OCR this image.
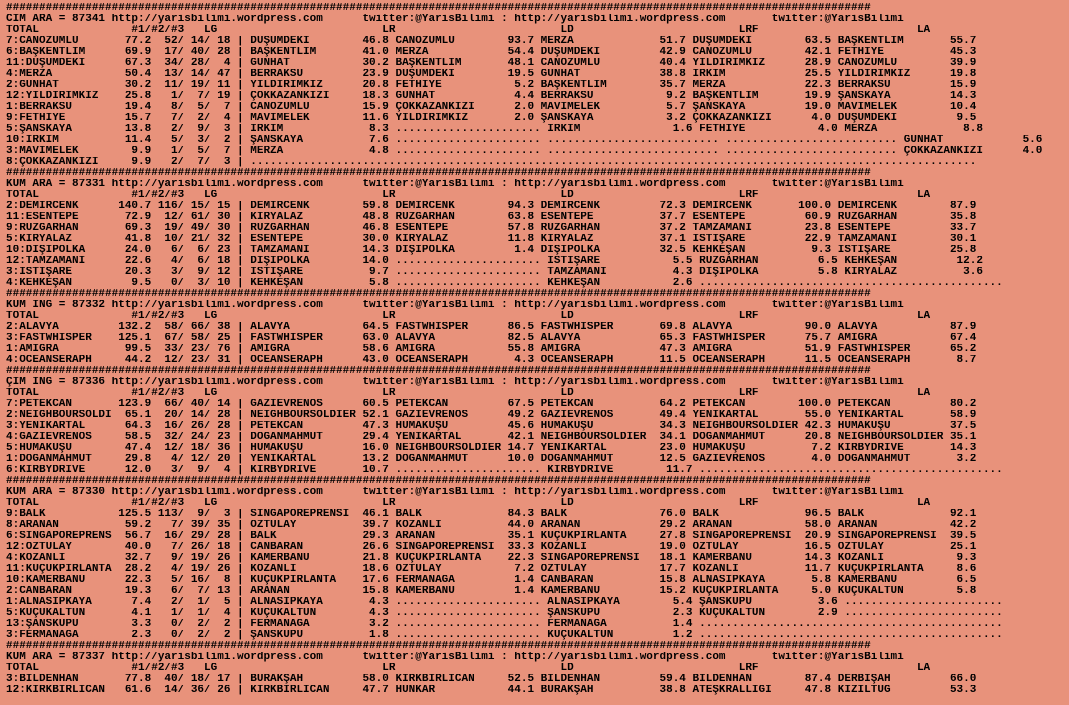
###################################################################################################################################
CIM ARA = 87341 http://yarisbilimi.wordpress.com      twitter:@YarisBilimi : http://yarisbilimi.wordpress.com       twitter:@YarisBilimi
TOTAL              #1/#2/#3   LG                         LR                         LD                         LRF                        LA
7:CANÖZÜMLÜ       77.2  52/ 14/ 18 | DÜŞÜMDEKİ        46.8 CANÖZÜMLÜ        93.7 MERZA             51.7 DÜŞÜMDEKİ        63.5 BAŞKENTLİM       55.7
6:BAŞKENTLİM      69.9  17/ 40/ 28 | BAŞKENTLİM       41.0 MERZA            54.4 DÜŞÜMDEKİ         42.9 CANÖZÜMLÜ        42.1 FETHİYE          45.3
11:DÜŞÜMDEKİ      67.3  34/ 28/  4 | GÜNHAT           30.2 BAŞKENTLİM       48.1 CANÖZÜMLÜ         40.4 YILDIRIMKIZ      28.9 CANÖZÜMLÜ        39.9
4:MERZA           50.4  13/ 14/ 47 | BERRAKSU         23.9 DÜŞÜMDEKİ        19.5 GÜNHAT            38.8 IRKIM            25.5 YILDIRIMKIZ      19.8
2:GÜNHAT          30.2  11/ 19/ 11 | YILDIRIMKIZ      20.8 FETHİYE           5.2 BAŞKENTLİM        35.7 MERZA            22.3 BERRAKSU         15.9
12:YILDIRIMKIZ    25.8   1/  7/ 19 | ÇOKKAZANKIZI     18.3 GÜNHAT            4.4 BERRAKSU           9.2 BAŞKENTLİM       19.9 ŞANSKAYA         14.3
1:BERRAKSU        19.4   8/  5/  7 | CANÖZÜMLÜ        15.9 ÇOKKAZANKIZI      2.0 MAVİMELEK          5.7 ŞANSKAYA         19.0 MAVİMELEK        10.4
9:FETHİYE         15.7   7/  2/  4 | MAVİMELEK        11.6 YILDIRIMKIZ       2.0 ŞANSKAYA           3.2 ÇOKKAZANKIZI      4.0 DÜŞÜMDEKİ         9.5
5:ŞANSKAYA        13.8   2/  9/  3 | IRKIM             8.3 ...................... IRKIM              1.6 FETHİYE           4.0 MERZA             8.8
10:IRKIM          11.4   5/  3/  2 | ŞANSKAYA          7.6 ...................... .......................... .......................... GÜNHAT            5.6
3:MAVİMELEK        9.9   1/  5/  7 | MERZA             4.8 ...................... .......................... .......................... ÇOKKAZANKIZI      4.0
8:ÇOKKAZANKIZI     9.9   2/  7/  3 | ..............................................................................................................
###################################################################################################################################
KUM ARA = 87331 http://yarisbilimi.wordpress.com      twitter:@YarisBilimi : http://yarisbilimi.wordpress.com       twitter:@YarisBilimi
TOTAL              #1/#2/#3   LG                         LR                         LD                         LRF                        LA
2:DEMİRCENK      140.7 116/ 15/ 15 | DEMİRCENK        59.8 DEMİRCENK        94.3 DEMİRCENK         72.3 DEMİRCENK       100.0 DEMİRCENK        87.9
11:ESENTEPE       72.9  12/ 61/ 30 | KIRYALAZ         48.8 RÜZGARHAN        63.8 ESENTEPE          37.7 ESENTEPE         60.9 RÜZGARHAN        35.8
9:RÜZGARHAN       69.3  19/ 49/ 30 | RÜZGARHAN        46.8 ESENTEPE         57.8 RÜZGARHAN         37.2 TAMZAMANI        23.8 ESENTEPE         33.7
5:KIRYALAZ        41.8  10/ 21/ 32 | ESENTEPE         30.0 KIRYALAZ         11.8 KIRYALAZ          37.1 İSTİŞARE         22.9 TAMZAMANI        30.1
10:DİŞİPOLKA      24.0   6/  6/ 23 | TAMZAMANI        14.3 DİŞİPOLKA         1.4 DİŞİPOLKA         32.5 KEHKEŞAN          9.3 İSTİŞARE         25.8
12:TAMZAMANI      22.6   4/  6/ 18 | DİŞİPOLKA        14.0 ...................... İSTİŞARE           5.5 RÜZGARHAN         6.5 KEHKEŞAN         12.2
3:İSTİŞARE        20.3   3/  9/ 12 | İSTİŞARE          9.7 ...................... TAMZAMANI          4.3 DİŞİPOLKA         5.8 KIRYALAZ          3.6
4:KEHKEŞAN         9.5   0/  3/ 10 | KEHKEŞAN          5.8 ...................... KEHKEŞAN           2.6 ..............................................
###################################################################################################################################
KUM ING = 87332 http://yarisbilimi.wordpress.com      twitter:@YarisBilimi : http://yarisbilimi.wordpress.com       twitter:@YarisBilimi
TOTAL              #1/#2/#3   LG                         LR                         LD                         LRF                        LA
2:ALAVYA         132.2  58/ 66/ 38 | ALAVYA           64.5 FASTWHISPER      86.5 FASTWHISPER       69.8 ALAVYA           90.0 ALAVYA           87.9
3:FASTWHISPER    125.1  67/ 58/ 25 | FASTWHISPER      63.0 ALAVYA           82.5 ALAVYA            65.3 FASTWHISPER      75.7 AMİGRA           67.4
1:AMİGRA          99.5  33/ 23/ 76 | AMİGRA           58.6 AMİGRA           55.8 AMİGRA            47.3 AMİGRA           51.9 FASTWHISPER      65.2
4:OCEANSERAPH     44.2  12/ 23/ 31 | OCEANSERAPH      43.0 OCEANSERAPH       4.3 OCEANSERAPH       11.5 OCEANSERAPH      11.5 OCEANSERAPH       8.7
###################################################################################################################################
ÇİM İNG = 87336 http://yarisbilimi.wordpress.com      twitter:@YarisBilimi : http://yarisbilimi.wordpress.com       twitter:@YarisBilimi
TOTAL              #1/#2/#3   LG                         LR                         LD                         LRF                        LA
7:PETEKCAN       123.9  66/ 40/ 14 | GAZİEVRENOS      60.5 PETEKCAN         67.5 PETEKCAN          64.2 PETEKCAN        100.0 PETEKCAN         80.2
2:NEIGHBOURSOLDI  65.1  20/ 14/ 28 | NEIGHBOURSOLDIER 52.1 GAZİEVRENOS      49.2 GAZİEVRENOS       49.4 YENİKARTAL       55.0 YENİKARTAL       58.9
3:YENİKARTAL      64.3  16/ 26/ 28 | PETEKCAN         47.3 HUMAKUŞU         45.6 HUMAKUŞU          34.3 NEIGHBOURSOLDIER 42.3 HUMAKUŞU         37.5
4:GAZİEVRENOS     58.5  32/ 24/ 23 | DOĞANMAHMUT      29.4 YENİKARTAL       42.1 NEIGHBOURSOLDIER  34.1 DOĞANMAHMUT      20.8 NEIGHBOURSOLDIER 35.1
5:HUMAKUŞU        47.4  12/ 18/ 36 | HUMAKUŞU         16.0 NEIGHBOURSOLDIER 14.7 YENİKARTAL        23.0 HUMAKUŞU          7.2 KIRBYDRIVE       14.3
1:DOĞANMAHMUT     29.8   4/ 12/ 20 | YENİKARTAL       13.2 DOĞANMAHMUT      10.0 DOĞANMAHMUT       12.5 GAZİEVRENOS       4.0 DOĞANMAHMUT       3.2
6:KIRBYDRIVE      12.0   3/  9/  4 | KIRBYDRIVE       10.7 ...................... KIRBYDRIVE        11.7 ..............................................
###################################################################################################################################
KUM ARA = 87330 http://yarisbilimi.wordpress.com      twitter:@YarisBilimi : http://yarisbilimi.wordpress.com       twitter:@YarisBilimi
TOTAL              #1/#2/#3   LG                         LR                         LD                         LRF                        LA
9:BALK           125.5 113/  9/  3 | SİNGAPOREPRENSİ  46.1 BALK             84.3 BALK              76.0 BALK             96.5 BALK             92.1
8:ARANAN          59.2   7/ 39/ 35 | ÖZTÜLAY          39.7 KOZANLI          44.0 ARANAN            29.2 ARANAN           58.0 ARANAN           42.2
6:SİNGAPOREPRENS  56.7  16/ 29/ 28 | BALK             29.3 ARANAN           35.1 KÜÇÜKPIRLANTA     27.8 SİNGAPOREPRENSİ  20.9 SİNGAPOREPRENSİ  39.5
12:ÖZTÜLAY        40.0   7/ 26/ 18 | CANBARAN         26.6 SİNGAPOREPRENSİ  33.3 KOZANLI           19.0 ÖZTÜLAY          16.5 ÖZTÜLAY          25.1
4:KOZANLI         32.7   9/ 19/ 26 | KAMERBANU        21.8 KÜÇÜKPIRLANTA    22.3 SİNGAPOREPRENSİ   18.1 KAMERBANU        14.3 KOZANLI           9.3
11:KÜÇÜKPIRLANTA  28.2   4/ 19/ 26 | KOZANLI          18.6 ÖZTÜLAY           7.2 ÖZTÜLAY           17.7 KOZANLI          11.7 KÜÇÜKPIRLANTA     8.6
10:KAMERBANU      22.3   5/ 16/  8 | KÜÇÜKPIRLANTA    17.6 FERMANAĞA         1.4 CANBARAN          15.8 ALNASİPKAYA       5.8 KAMERBANU         6.5
2:CANBARAN        19.3   6/  7/ 13 | ARANAN           15.8 KAMERBANU         1.4 KAMERBANU         15.2 KÜÇÜKPIRLANTA     5.0 KÜÇÜKALTUN        5.8
1:ALNASİPKAYA      7.4   2/  1/  5 | ALNASİPKAYA       4.3 ...................... ALNASİPKAYA        5.4 ŞANSKÜPÜ          3.6 ........................
5:KÜÇÜKALTUN       4.1   1/  1/  4 | KÜÇÜKALTUN        4.3 ...................... ŞANSKÜPÜ           2.3 KÜÇÜKALTUN        2.9 ........................
13:ŞANSKÜPÜ        3.3   0/  2/  2 | FERMANAĞA         3.2 ...................... FERMANAĞA          1.4 ..............................................
3:FERMANAĞA        2.3   0/  2/  2 | ŞANSKÜPÜ          1.8 ...................... KÜÇÜKALTUN         1.2 ..............................................
###################################################################################################################################
KUM ARA = 87337 http://yarisbilimi.wordpress.com      twitter:@YarisBilimi : http://yarisbilimi.wordpress.com       twitter:@YarisBilimi
TOTAL              #1/#2/#3   LG                         LR                         LD                         LRF                        LA
3:BİLDENHAN       77.8  40/ 18/ 17 | BURAKŞAH         58.0 KIRKBİRLİCAN     52.5 BİLDENHAN         59.4 BİLDENHAN        87.4 DERBİŞAH         66.0
12:KIRKBİRLİCAN   61.6  14/ 36/ 26 | KIRKBİRLİCAN     47.7 HÜNKAR           44.1 BURAKŞAH          38.8 ATEŞKRALLIĞI     47.8 KIZILTUĞ         53.3
